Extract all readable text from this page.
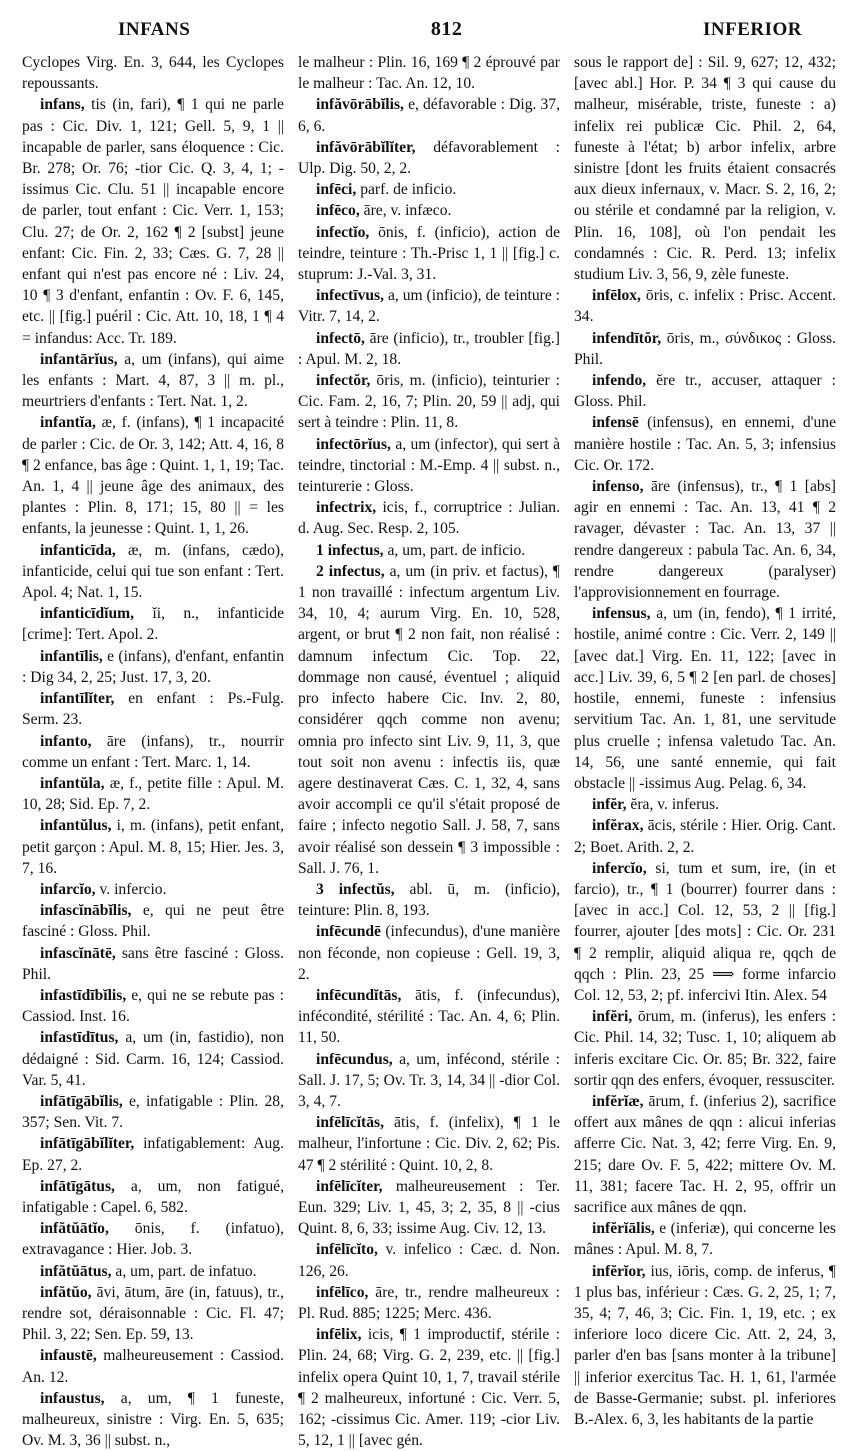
INFANS	812	INFERIOR

Cyclopes Virg. En. 3, 644, les Cyclopes repoussants.

infans, tis (in, fari), ¶ 1 qui ne parle pas : Cic. Div. 1, 121; Gell. 5, 9, 1 || incapable de parler, sans éloquence : Cic. Br. 278; Or. 76; -tior Cic. Q. 3, 4, 1; -issimus Cic. Clu. 51 || incapable encore de parler, tout enfant : Cic. Verr. 1, 153; Clu. 27; de Or. 2, 162 ¶ 2 [subst] jeune enfant: Cic. Fin. 2, 33; Cæs. G. 7, 28 || enfant qui n'est pas encore né : Liv. 24, 10 ¶ 3 d'enfant, enfantin : Ov. F. 6, 145, etc. || [fig.] puéril : Cic. Att. 10, 18, 1 ¶ 4 = infandus: Acc. Tr. 189.

infantārĭus, a, um (infans), qui aime les enfants : Mart. 4, 87, 3 || m. pl., meurtriers d'enfants : Tert. Nat. 1, 2.

infantĭa, æ, f. (infans), ¶ 1 incapacité de parler : Cic. de Or. 3, 142; Att. 4, 16, 8 ¶ 2 enfance, bas âge : Quint. 1, 1, 19; Tac. An. 1, 4 || jeune âge des animaux, des plantes : Plin. 8, 171; 15, 80 || = les enfants, la jeunesse : Quint. 1, 1, 26.

infanticīda, æ, m. (infans, cædo), infanticide, celui qui tue son enfant : Tert. Apol. 4; Nat. 1, 15.

infanticīdĭum, ĭi, n., infanticide [crime]: Tert. Apol. 2.

infantīlis, e (infans), d'enfant, enfantin : Dig 34, 2, 25; Just. 17, 3, 20.

infantīlĭter, en enfant : Ps.-Fulg. Serm. 23.

infanto, āre (infans), tr., nourrir comme un enfant : Tert. Marc. 1, 14.

infantŭla, æ, f., petite fille : Apul. M. 10, 28; Sid. Ep. 7, 2.

infantŭlus, i, m. (infans), petit enfant, petit garçon : Apul. M. 8, 15; Hier. Jes. 3, 7, 16.

infarcĭo, v. infercio.

infascĭnābĭlis, e, qui ne peut être fasciné : Gloss. Phil.

infascĭnātē, sans être fasciné : Gloss. Phil.

infastīdībĭlis, e, qui ne se rebute pas : Cassiod. Inst. 16.

infastīdītus, a, um (in, fastidio), non dédaigné : Sid. Carm. 16, 124; Cassiod. Var. 5, 41.

infātīgābĭlis, e, infatigable : Plin. 28, 357; Sen. Vit. 7.

infātīgābĭlĭter, infatigablement: Aug. Ep. 27, 2.

infātīgātus, a, um, non fatigué, infatigable : Capel. 6, 582.

infătŭātĭo, ōnis, f. (infatuo), extravagance : Hier. Job. 3.

infătŭātus, a, um, part. de infatuo.

infătŭo, āvi, ātum, āre (in, fatuus), tr., rendre sot, déraisonnable : Cic. Fl. 47; Phil. 3, 22; Sen. Ep. 59, 13.

infaustē, malheureusement : Cassiod. An. 12.

infaustus, a, um, ¶ 1 funeste, malheureux, sinistre : Virg. En. 5, 635; Ov. M. 3, 36 || subst. n.,

le malheur : Plin. 16, 169 ¶ 2 éprouvé par le malheur : Tac. An. 12, 10.

infăvōrābĭlis, e, défavorable : Dig. 37, 6, 6.

infăvōrābĭlĭter, défavorablement : Ulp. Dig. 50, 2, 2.

infēci, parf. de inficio.

infēco, āre, v. infæco.

infectĭo, ōnis, f. (inficio), action de teindre, teinture : Th.-Prisc 1, 1 || [fig.] c. stuprum: J.-Val. 3, 31.

infectīvus, a, um (inficio), de teinture : Vitr. 7, 14, 2.

infectō, āre (inficio), tr., troubler [fig.] : Apul. M. 2, 18.

infectŏr, ōris, m. (inficio), teinturier : Cic. Fam. 2, 16, 7; Plin. 20, 59 || adj, qui sert à teindre : Plin. 11, 8.

infectōrĭus, a, um (infector), qui sert à teindre, tinctorial : M.-Emp. 4 || subst. n., teinturerie : Gloss.

infectrix, icis, f., corruptrice : Julian. d. Aug. Sec. Resp. 2, 105.

1 infectus, a, um, part. de inficio.

2 infectus, a, um (in priv. et factus), ¶ 1 non travaillé : infectum argentum Liv. 34, 10, 4; aurum Virg. En. 10, 528, argent, or brut ¶ 2 non fait, non réalisé : damnum infectum Cic. Top. 22, dommage non causé, éventuel ; aliquid pro infecto habere Cic. Inv. 2, 80, considérer qqch comme non avenu; omnia pro infecto sint Liv. 9, 11, 3, que tout soit non avenu : infectis iis, quæ agere destinaverat Cæs. C. 1, 32, 4, sans avoir accompli ce qu'il s'était proposé de faire ; infecto negotio Sall. J. 58, 7, sans avoir réalisé son dessein ¶ 3 impossible : Sall. J. 76, 1.

3 infectŭs, abl. ū, m. (inficio), teinture: Plin. 8, 193.

infēcundē (infecundus), d'une manière non féconde, non copieuse : Gell. 19, 3, 2.

infēcundĭtās, ātis, f. (infecundus), infécondité, stérilité : Tac. An. 4, 6; Plin. 11, 50.

infēcundus, a, um, infécond, stérile : Sall. J. 17, 5; Ov. Tr. 3, 14, 34 || -dior Col. 3, 4, 7.

infēlīcĭtās, ātis, f. (infelix), ¶ 1 le malheur, l'infortune : Cic. Div. 2, 62; Pis. 47 ¶ 2 stérilité : Quint. 10, 2, 8.

infēlīcĭter, malheureusement : Ter. Eun. 329; Liv. 1, 45, 3; 2, 35, 8 || -cius Quint. 8, 6, 33; issime Aug. Civ. 12, 13.

infēlīcĭto, v. infelico : Cæc. d. Non. 126, 26.

infēlīco, āre, tr., rendre malheureux : Pl. Rud. 885; 1225; Merc. 436.

infēlix, icis, ¶ 1 improductif, stérile : Plin. 24, 68; Virg. G. 2, 239, etc. || [fig.] infelix opera Quint 10, 1, 7, travail stérile ¶ 2 malheureux, infortuné : Cic. Verr. 5, 162; -cissimus Cic. Amer. 119; -cior Liv. 5, 12, 1 || [avec gén.

sous le rapport de] : Sil. 9, 627; 12, 432; [avec abl.] Hor. P. 34 ¶ 3 qui cause du malheur, misérable, triste, funeste : a) infelix rei publicæ Cic. Phil. 2, 64, funeste à l'état; b) arbor infelix, arbre sinistre [dont les fruits étaient consacrés aux dieux infernaux, v. Macr. S. 2, 16, 2; ou stérile et condamné par la religion, v. Plin. 16, 108], où l'on pendait les condamnés : Cic. R. Perd. 13; infelix studium Liv. 3, 56, 9, zèle funeste.

infēlox, ōris, c. infelix : Prisc. Accent. 34.

infendītŏr, ōris, m., σύνδικος : Gloss. Phil.

infendo, ĕre tr., accuser, attaquer : Gloss. Phil.

infensē (infensus), en ennemi, d'une manière hostile : Tac. An. 5, 3; infensius Cic. Or. 172.

infenso, āre (infensus), tr., ¶ 1 [abs] agir en ennemi : Tac. An. 13, 41 ¶ 2 ravager, dévaster : Tac. An. 13, 37 || rendre dangereux : pabula Tac. An. 6, 34, rendre dangereux (paralyser) l'approvisionnement en fourrage.

infensus, a, um (in, fendo), ¶ 1 irrité, hostile, animé contre : Cic. Verr. 2, 149 || [avec dat.] Virg. En. 11, 122; [avec in acc.] Liv. 39, 6, 5 ¶ 2 [en parl. de choses] hostile, ennemi, funeste : infensius servitium Tac. An. 1, 81, une servitude plus cruelle ; infensa valetudo Tac. An. 14, 56, une santé ennemie, qui fait obstacle || -issimus Aug. Pelag. 6, 34.

infĕr, ĕra, v. inferus.

infĕrax, ācis, stérile : Hier. Orig. Cant. 2; Boet. Arith. 2, 2.

infercĭo, si, tum et sum, ire, (in et farcio), tr., ¶ 1 (bourrer) fourrer dans : [avec in acc.] Col. 12, 53, 2 || [fig.] fourrer, ajouter [des mots] : Cic. Or. 231 ¶ 2 remplir, aliquid aliqua re, qqch de qqch : Plin. 23, 25 ⟹ forme infarcio Col. 12, 53, 2; pf. infercivi Itin. Alex. 54

infĕri, ōrum, m. (inferus), les enfers : Cic. Phil. 14, 32; Tusc. 1, 10; aliquem ab inferis excitare Cic. Or. 85; Br. 322, faire sortir qqn des enfers, évoquer, ressusciter.

infĕrĭæ, ārum, f. (inferius 2), sacrifice offert aux mânes de qqn : alicui inferias afferre Cic. Nat. 3, 42; ferre Virg. En. 9, 215; dare Ov. F. 5, 422; mittere Ov. M. 11, 381; facere Tac. H. 2, 95, offrir un sacrifice aux mânes de qqn.

infĕrĭālis, e (inferiæ), qui concerne les mânes : Apul. M. 8, 7.

infĕrĭor, ius, iōris, comp. de inferus, ¶ 1 plus bas, inférieur : Cæs. G. 2, 25, 1; 7, 35, 4; 7, 46, 3; Cic. Fin. 1, 19, etc. ; ex inferiore loco dicere Cic. Att. 2, 24, 3, parler d'en bas [sans monter à la tribune] || inferior exercitus Tac. H. 1, 61, l'armée de Basse-Germanie; subst. pl. inferiores B.-Alex. 6, 3, les habitants de la partie
